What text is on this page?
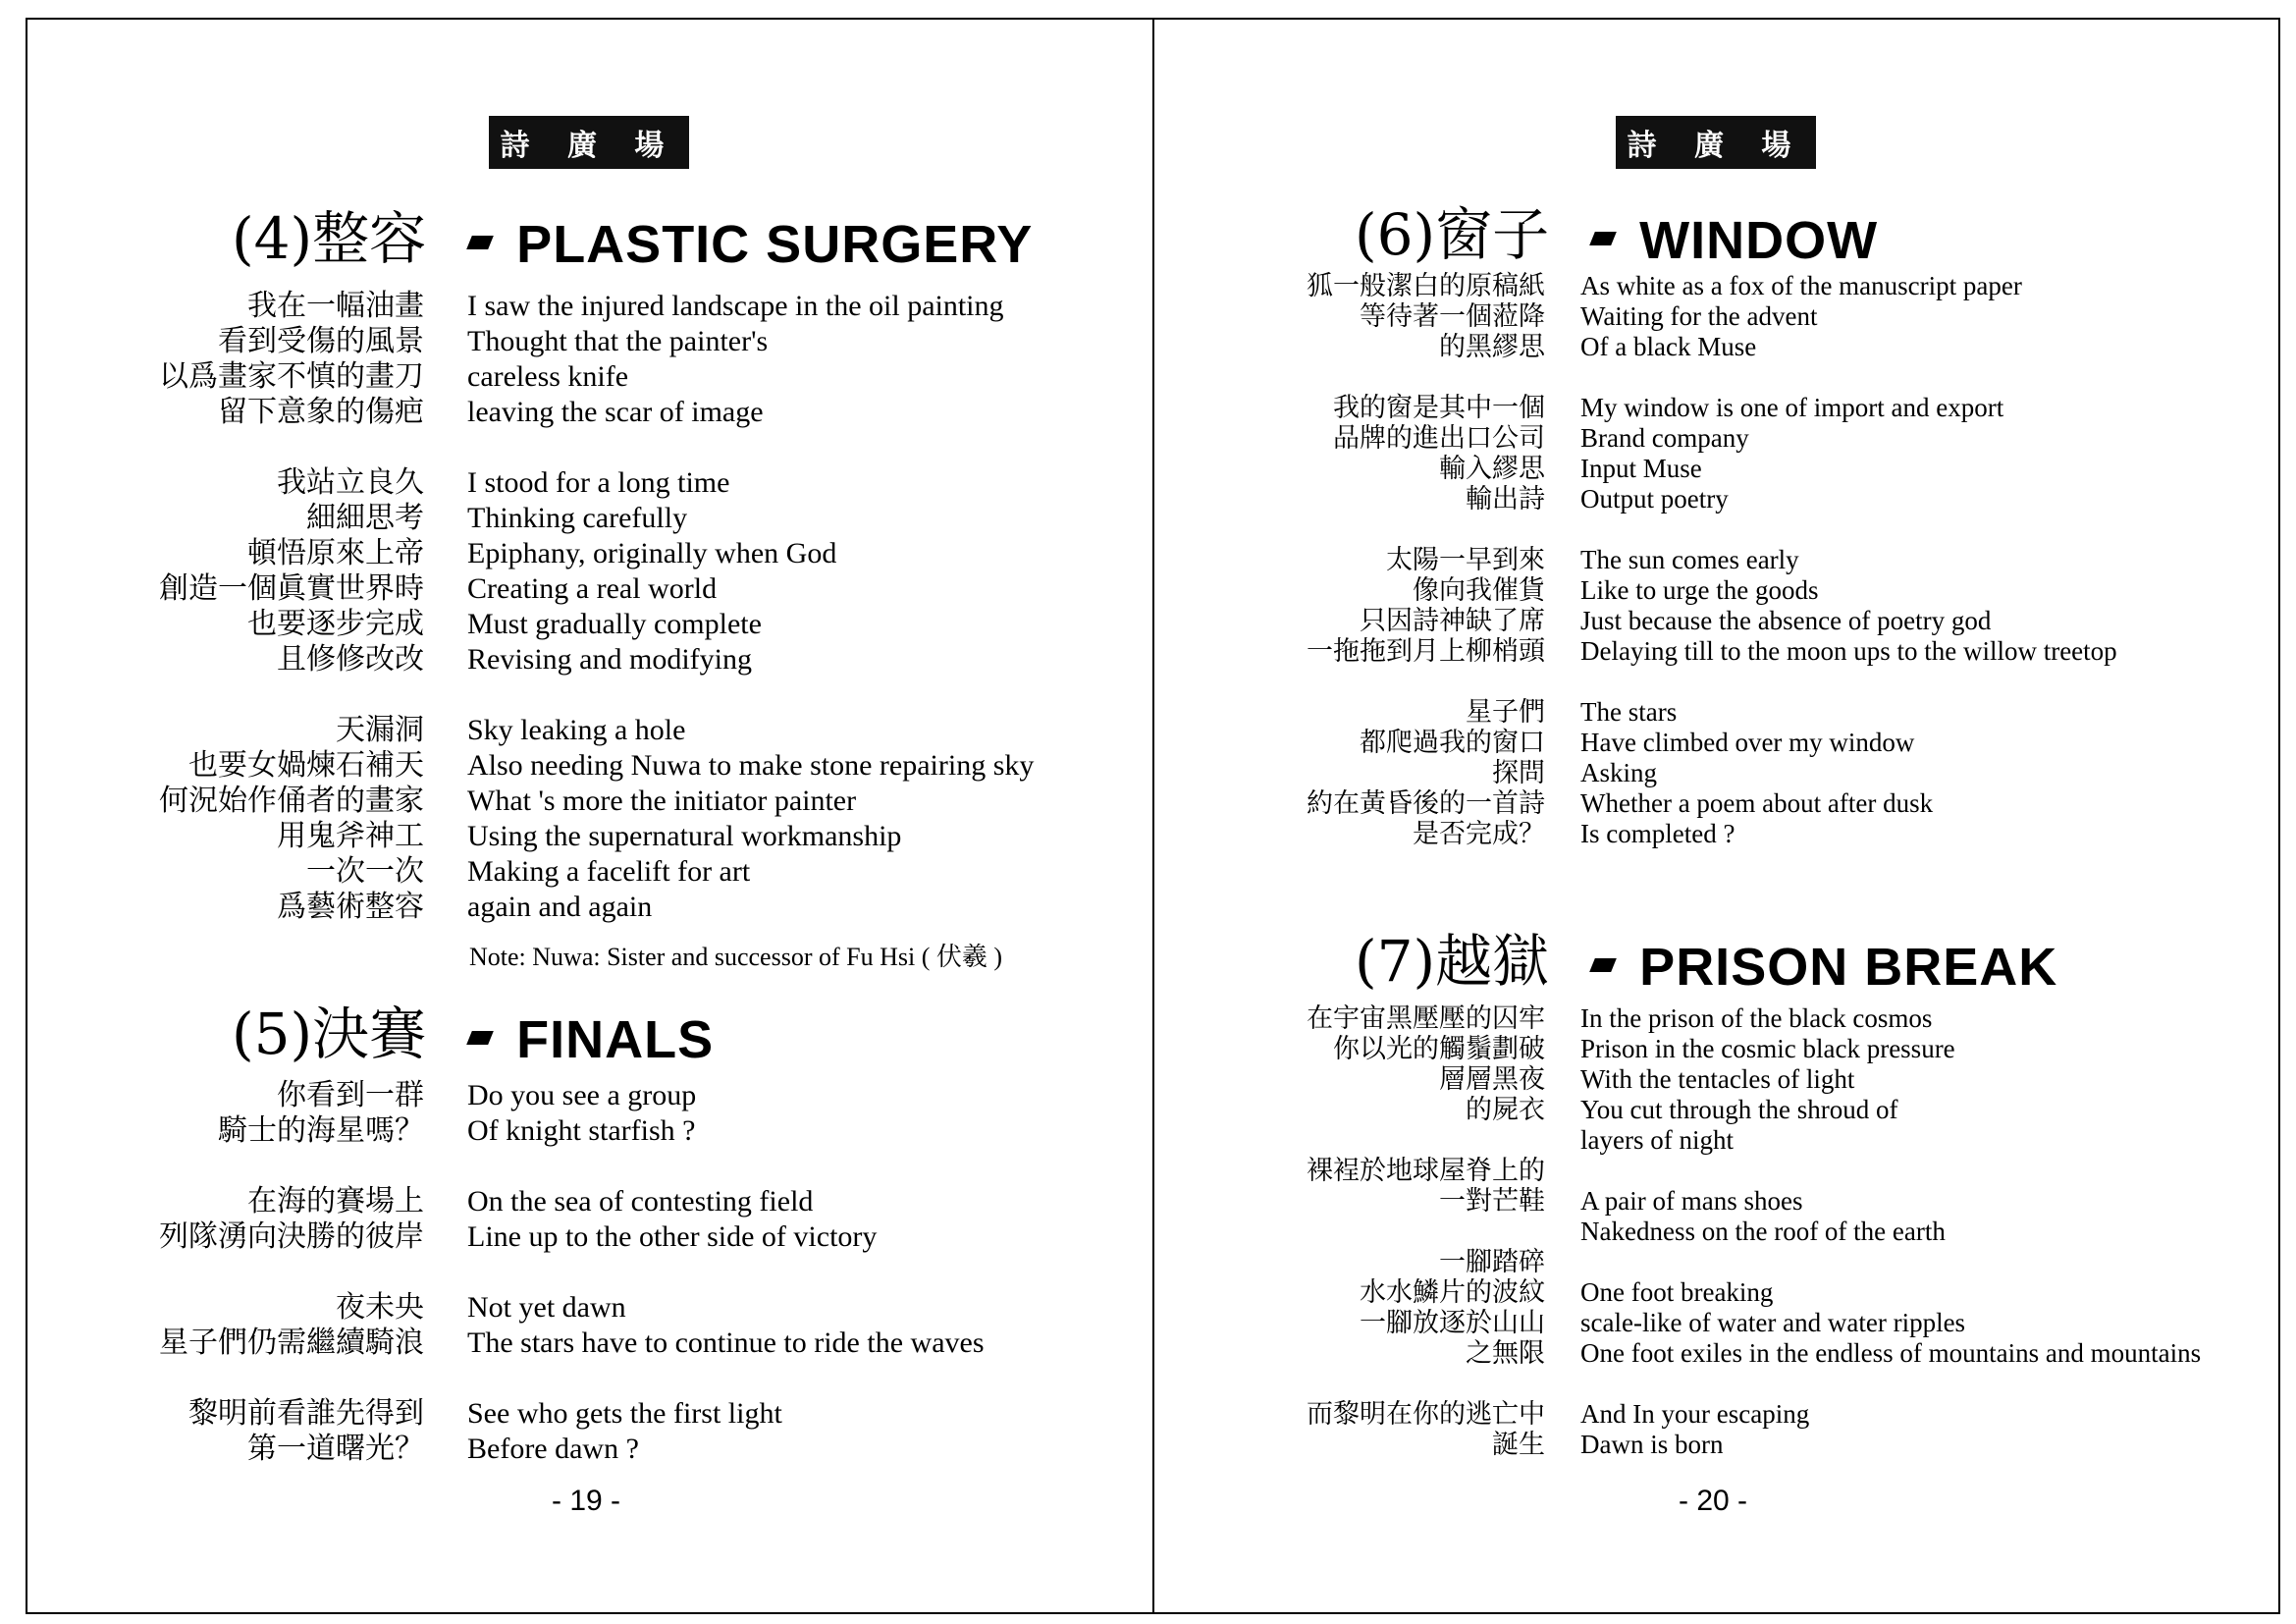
詩 廣 場
(4)整容 PLASTIC SURGERY
我在一幅油畫 I saw the injured landscape in the oil painting
看到受傷的風景 Thought that the painter's
以爲畫家不慎的畫刀 careless knife
留下意象的傷疤 leaving the scar of image
我站立良久 I stood for a long time
細細思考 Thinking carefully
頓悟原來上帝 Epiphany, originally when God
創造一個眞實世界時 Creating a real world
也要逐步完成 Must gradually complete
且修修改改 Revising and modifying
天漏洞 Sky leaking a hole
也要女媧煉石補天 Also needing Nuwa to make stone repairing sky
何況始作俑者的畫家 What 's more the initiator painter
用鬼斧神工 Using the supernatural workmanship
一次一次 Making a facelift for art
爲藝術整容 again and again
Note: Nuwa: Sister and successor of Fu Hsi ( 伏羲 )
(5)決賽 FINALS
你看到一群 Do you see a group
騎士的海星嗎？ Of knight starfish ?
在海的賽場上 On the sea of contesting field
列隊湧向決勝的彼岸 Line up to the other side of victory
夜未央 Not yet dawn
星子們仍需繼續騎浪 The stars have to continue to ride the waves
黎明前看誰先得到 See who gets the first light
第一道曙光？ Before dawn ?
- 19 -
詩 廣 場
(6)窗子 WINDOW
狐一般潔白的原稿紙 As white as a fox of the manuscript paper
等待著一個蒞降 Waiting for the advent
的黑繆思 Of a black Muse
我的窗是其中一個 My window is one of import and export
品牌的進出口公司 Brand company
輸入繆思 Input Muse
輸出詩 Output poetry
太陽一早到來 The sun comes early
像向我催貨 Like to urge the goods
只因詩神缺了席 Just because the absence of poetry god
一拖拖到月上柳梢頭 Delaying till to the moon ups to the willow treetop
星子們 The stars
都爬過我的窗口 Have climbed over my window
探問 Asking
約在黃昏後的一首詩 Whether a poem about after dusk
是否完成？ Is completed ?
(7)越獄 PRISON BREAK
在宇宙黑壓壓的囚牢 In the prison of the black cosmos
你以光的觸鬚劃破 Prison in the cosmic black pressure
層層黑夜 With the tentacles of light
的屍衣 You cut through the shroud of
layers of night
裸裎於地球屋脊上的
一對芒鞋 A pair of mans shoes
Nakedness on the roof of the earth
一腳踏碎
水水鱗片的波紋 One foot breaking
一腳放逐於山山 scale-like of water and water ripples
之無限 One foot exiles in the endless of mountains and mountains
而黎明在你的逃亡中 And In your escaping
誕生 Dawn is born
- 20 -
